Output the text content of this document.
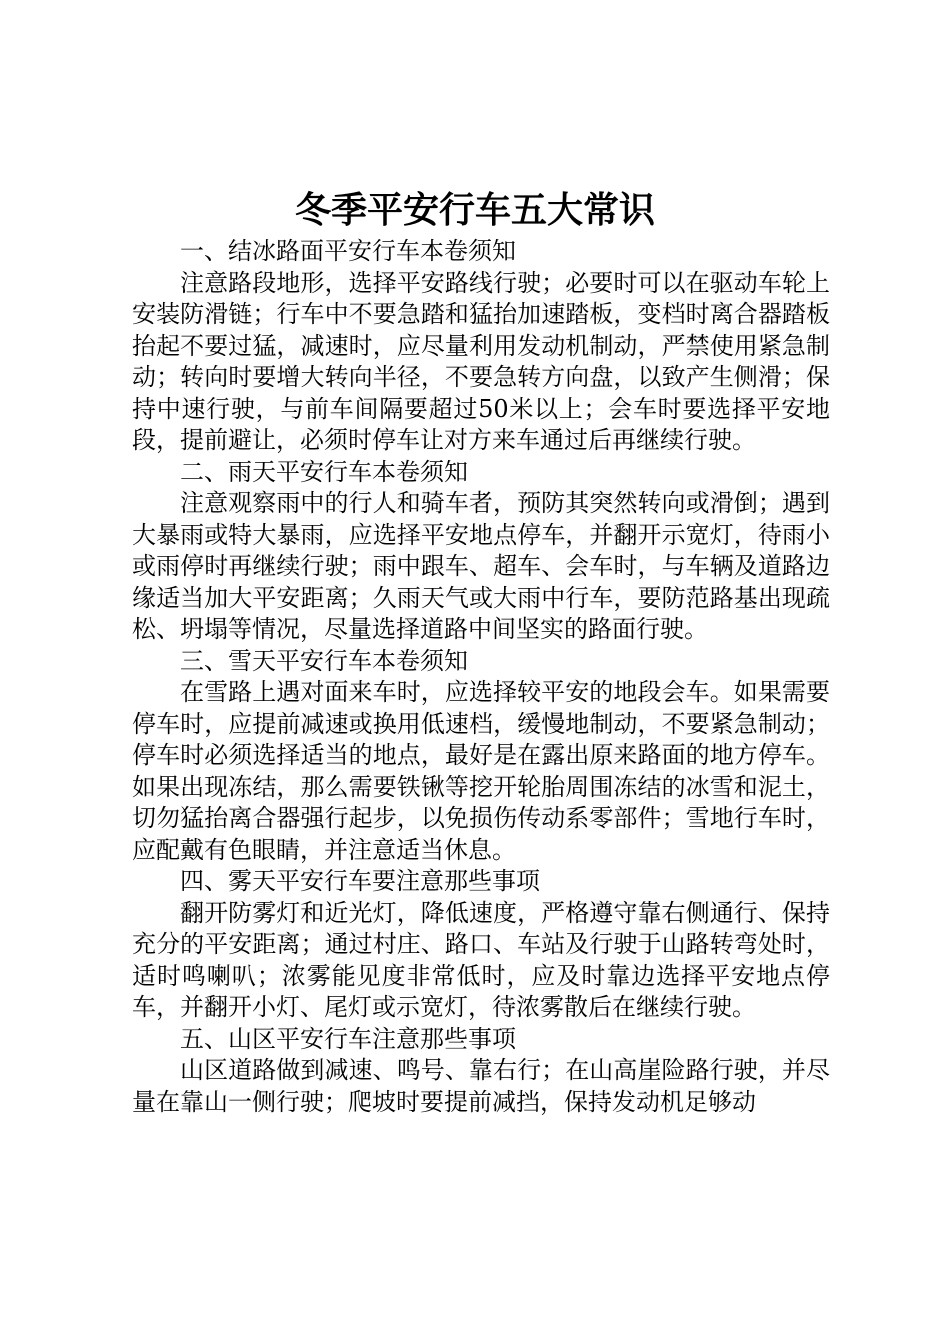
冬季平安行车五大常识

一、结冰路面平安行车本卷须知

注意路段地形，选择平安路线行驶；必要时可以在驱动车轮上安装防滑链；行车中不要急踏和猛抬加速踏板，变档时离合器踏板抬起不要过猛，减速时，应尽量利用发动机制动，严禁使用紧急制动；转向时要增大转向半径，不要急转方向盘，以致产生侧滑；保持中速行驶，与前车间隔要超过50米以上；会车时要选择平安地段，提前避让，必须时停车让对方来车通过后再继续行驶。

二、雨天平安行车本卷须知

注意观察雨中的行人和骑车者，预防其突然转向或滑倒；遇到大暴雨或特大暴雨，应选择平安地点停车，并翻开示宽灯，待雨小或雨停时再继续行驶；雨中跟车、超车、会车时，与车辆及道路边缘适当加大平安距离；久雨天气或大雨中行车，要防范路基出现疏松、坍塌等情况，尽量选择道路中间坚实的路面行驶。

三、雪天平安行车本卷须知

在雪路上遇对面来车时，应选择较平安的地段会车。如果需要停车时，应提前减速或换用低速档，缓慢地制动，不要紧急制动；停车时必须选择适当的地点，最好是在露出原来路面的地方停车。如果出现冻结，那么需要铁锹等挖开轮胎周围冻结的冰雪和泥土，切勿猛抬离合器强行起步，以免损伤传动系零部件；雪地行车时，应配戴有色眼睛，并注意适当休息。

四、雾天平安行车要注意那些事项

翻开防雾灯和近光灯，降低速度，严格遵守靠右侧通行、保持充分的平安距离；通过村庄、路口、车站及行驶于山路转弯处时，适时鸣喇叭；浓雾能见度非常低时，应及时靠边选择平安地点停车，并翻开小灯、尾灯或示宽灯，待浓雾散后在继续行驶。

五、山区平安行车注意那些事项

山区道路做到减速、鸣号、靠右行；在山高崖险路行驶，并尽量在靠山一侧行驶；爬坡时要提前减挡，保持发动机足够动
